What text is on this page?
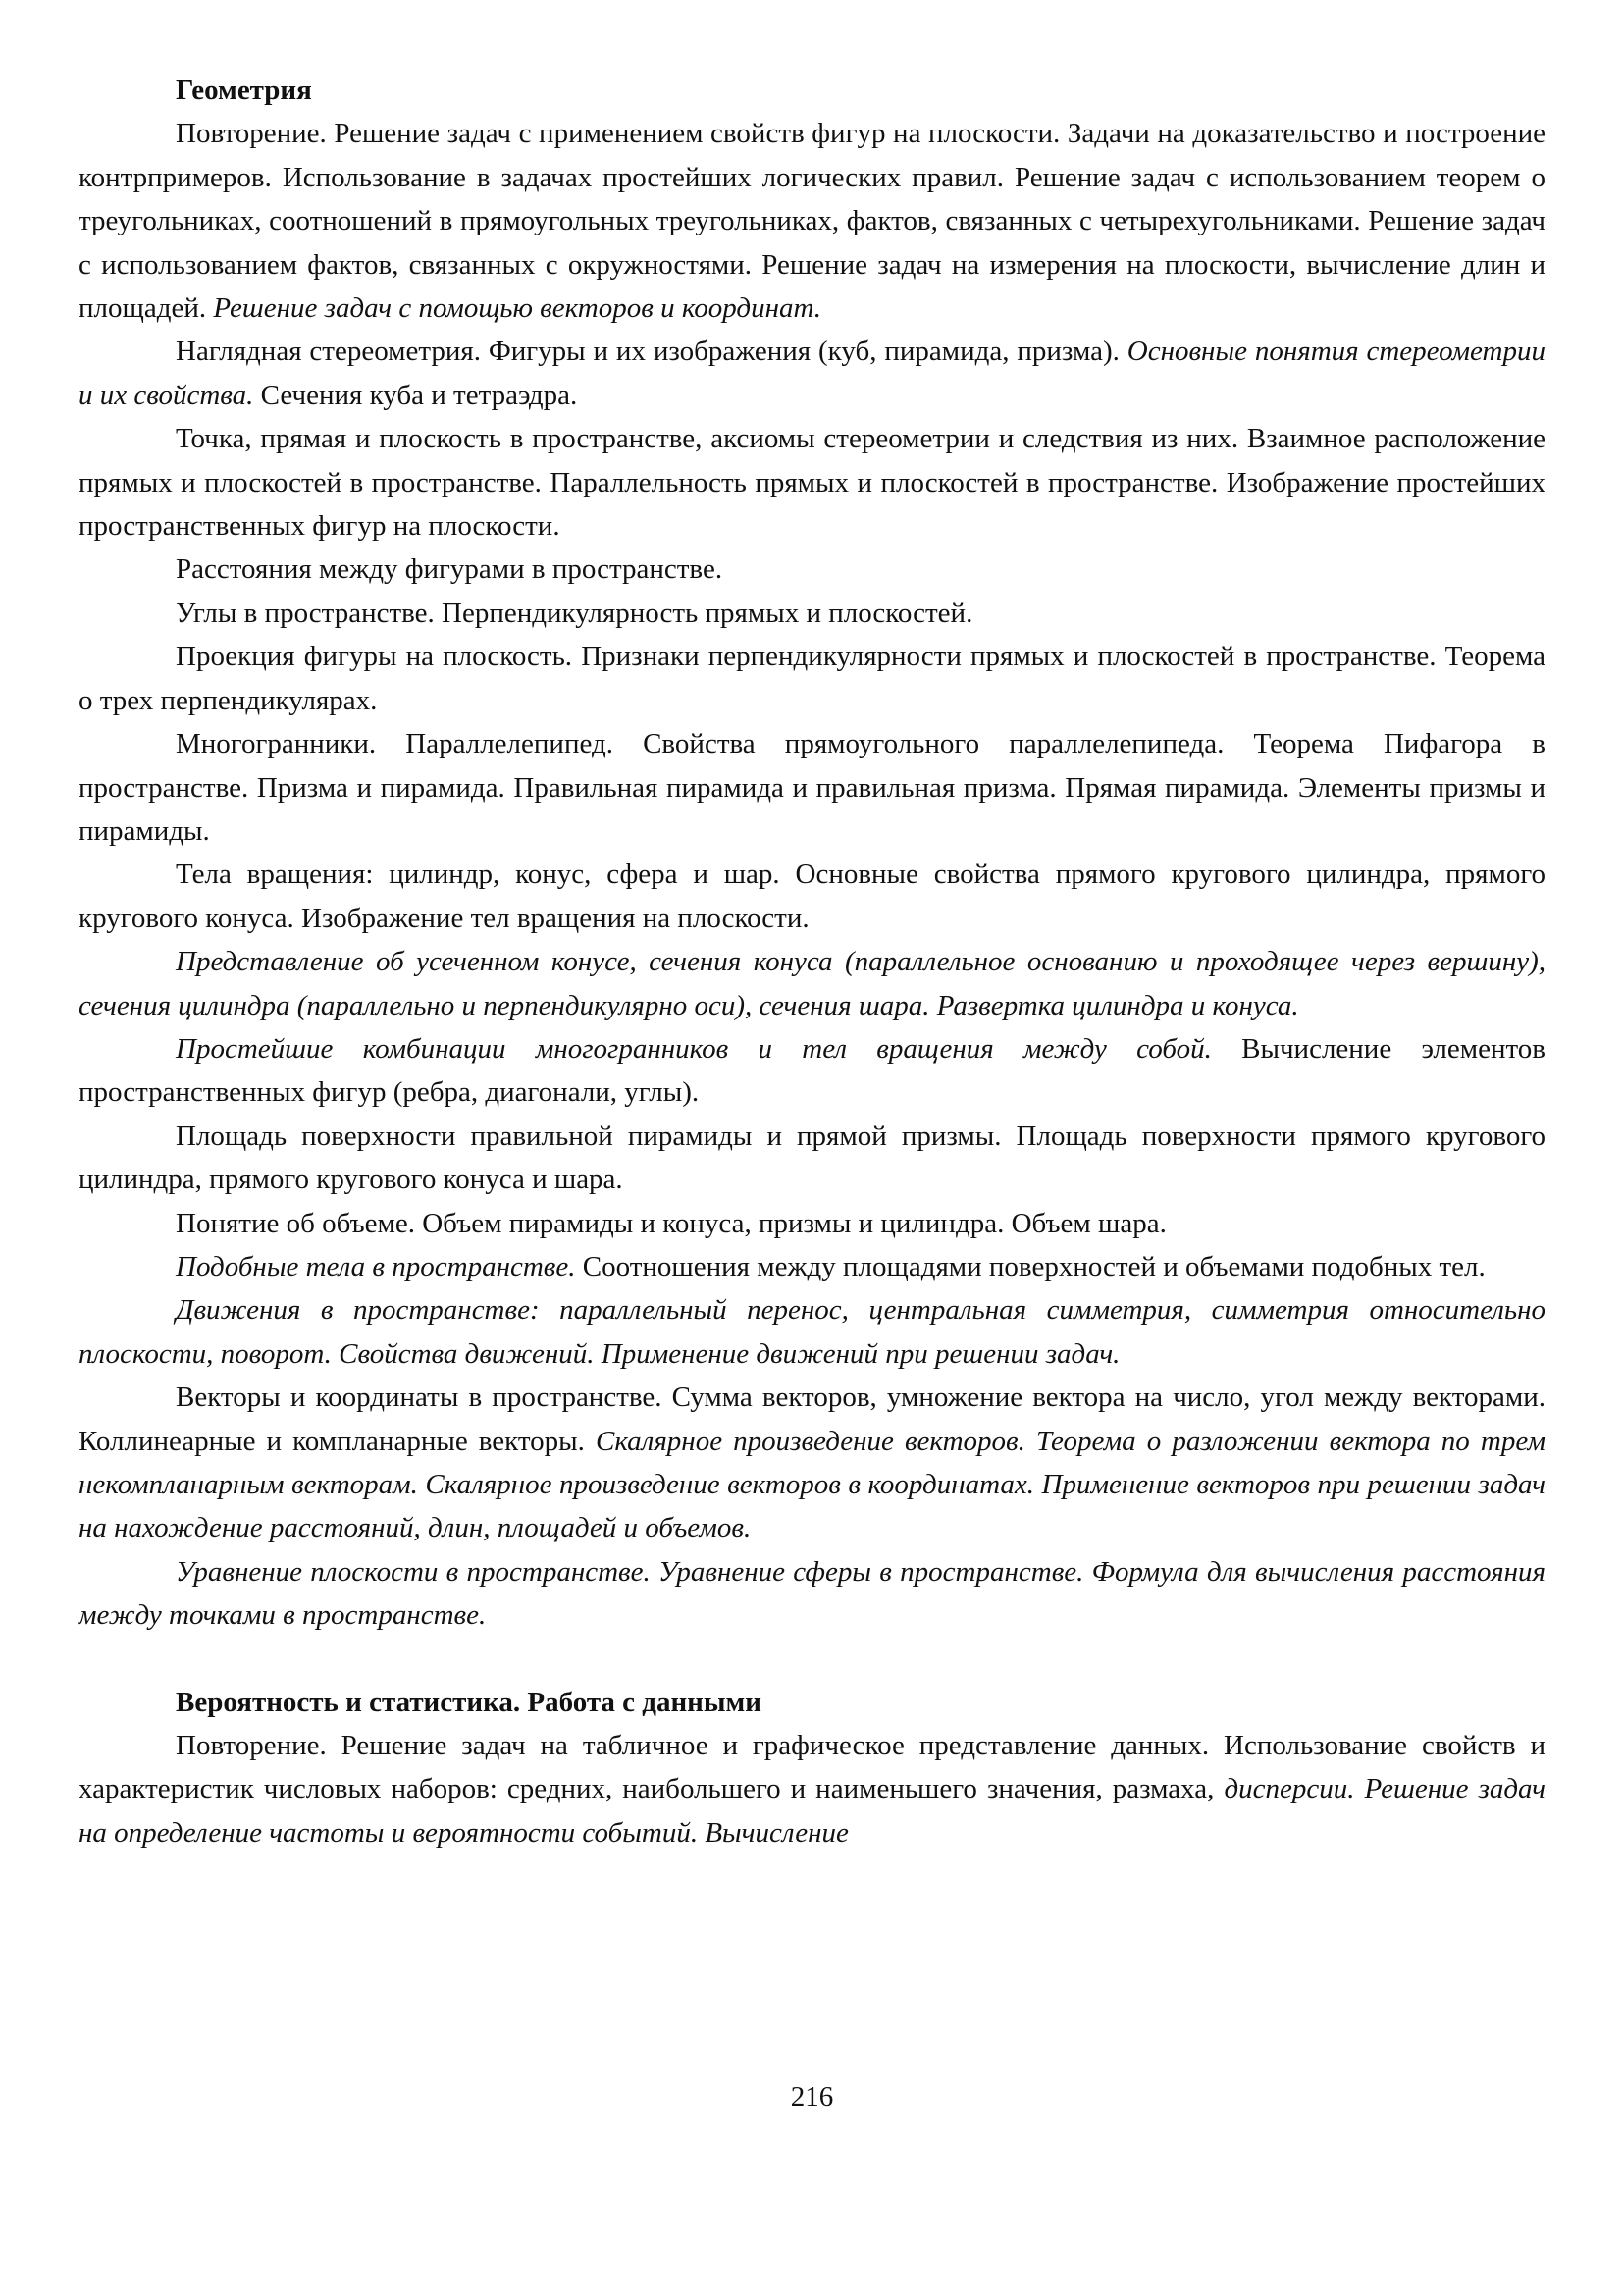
Геометрия

Повторение. Решение задач с применением свойств фигур на плоскости. Задачи на доказательство и построение контрпримеров. Использование в задачах простейших логических правил. Решение задач с использованием теорем о треугольниках, соотношений в прямоугольных треугольниках, фактов, связанных с четырехугольниками. Решение задач с использованием фактов, связанных с окружностями. Решение задач на измерения на плоскости, вычисление длин и площадей. Решение задач с помощью векторов и координат.

Наглядная стереометрия. Фигуры и их изображения (куб, пирамида, призма). Основные понятия стереометрии и их свойства. Сечения куба и тетраэдра.

Точка, прямая и плоскость в пространстве, аксиомы стереометрии и следствия из них. Взаимное расположение прямых и плоскостей в пространстве. Параллельность прямых и плоскостей в пространстве. Изображение простейших пространственных фигур на плоскости.

Расстояния между фигурами в пространстве.

Углы в пространстве. Перпендикулярность прямых и плоскостей.

Проекция фигуры на плоскость. Признаки перпендикулярности прямых и плоскостей в пространстве. Теорема о трех перпендикулярах.

Многогранники. Параллелепипед. Свойства прямоугольного параллелепипеда. Теорема Пифагора в пространстве. Призма и пирамида. Правильная пирамида и правильная призма. Прямая пирамида. Элементы призмы и пирамиды.

Тела вращения: цилиндр, конус, сфера и шар. Основные свойства прямого кругового цилиндра, прямого кругового конуса. Изображение тел вращения на плоскости.

Представление об усеченном конусе, сечения конуса (параллельное основанию и проходящее через вершину), сечения цилиндра (параллельно и перпендикулярно оси), сечения шара. Развертка цилиндра и конуса.

Простейшие комбинации многогранников и тел вращения между собой. Вычисление элементов пространственных фигур (ребра, диагонали, углы).

Площадь поверхности правильной пирамиды и прямой призмы. Площадь поверхности прямого кругового цилиндра, прямого кругового конуса и шара.

Понятие об объеме. Объем пирамиды и конуса, призмы и цилиндра. Объем шара.

Подобные тела в пространстве. Соотношения между площадями поверхностей и объемами подобных тел.

Движения в пространстве: параллельный перенос, центральная симметрия, симметрия относительно плоскости, поворот. Свойства движений. Применение движений при решении задач.

Векторы и координаты в пространстве. Сумма векторов, умножение вектора на число, угол между векторами. Коллинеарные и компланарные векторы. Скалярное произведение векторов. Теорема о разложении вектора по трем некомпланарным векторам. Скалярное произведение векторов в координатах. Применение векторов при решении задач на нахождение расстояний, длин, площадей и объемов.

Уравнение плоскости в пространстве. Уравнение сферы в пространстве. Формула для вычисления расстояния между точками в пространстве.

Вероятность и статистика. Работа с данными

Повторение. Решение задач на табличное и графическое представление данных. Использование свойств и характеристик числовых наборов: средних, наибольшего и наименьшего значения, размаха, дисперсии. Решение задач на определение частоты и вероятности событий. Вычисление

216
